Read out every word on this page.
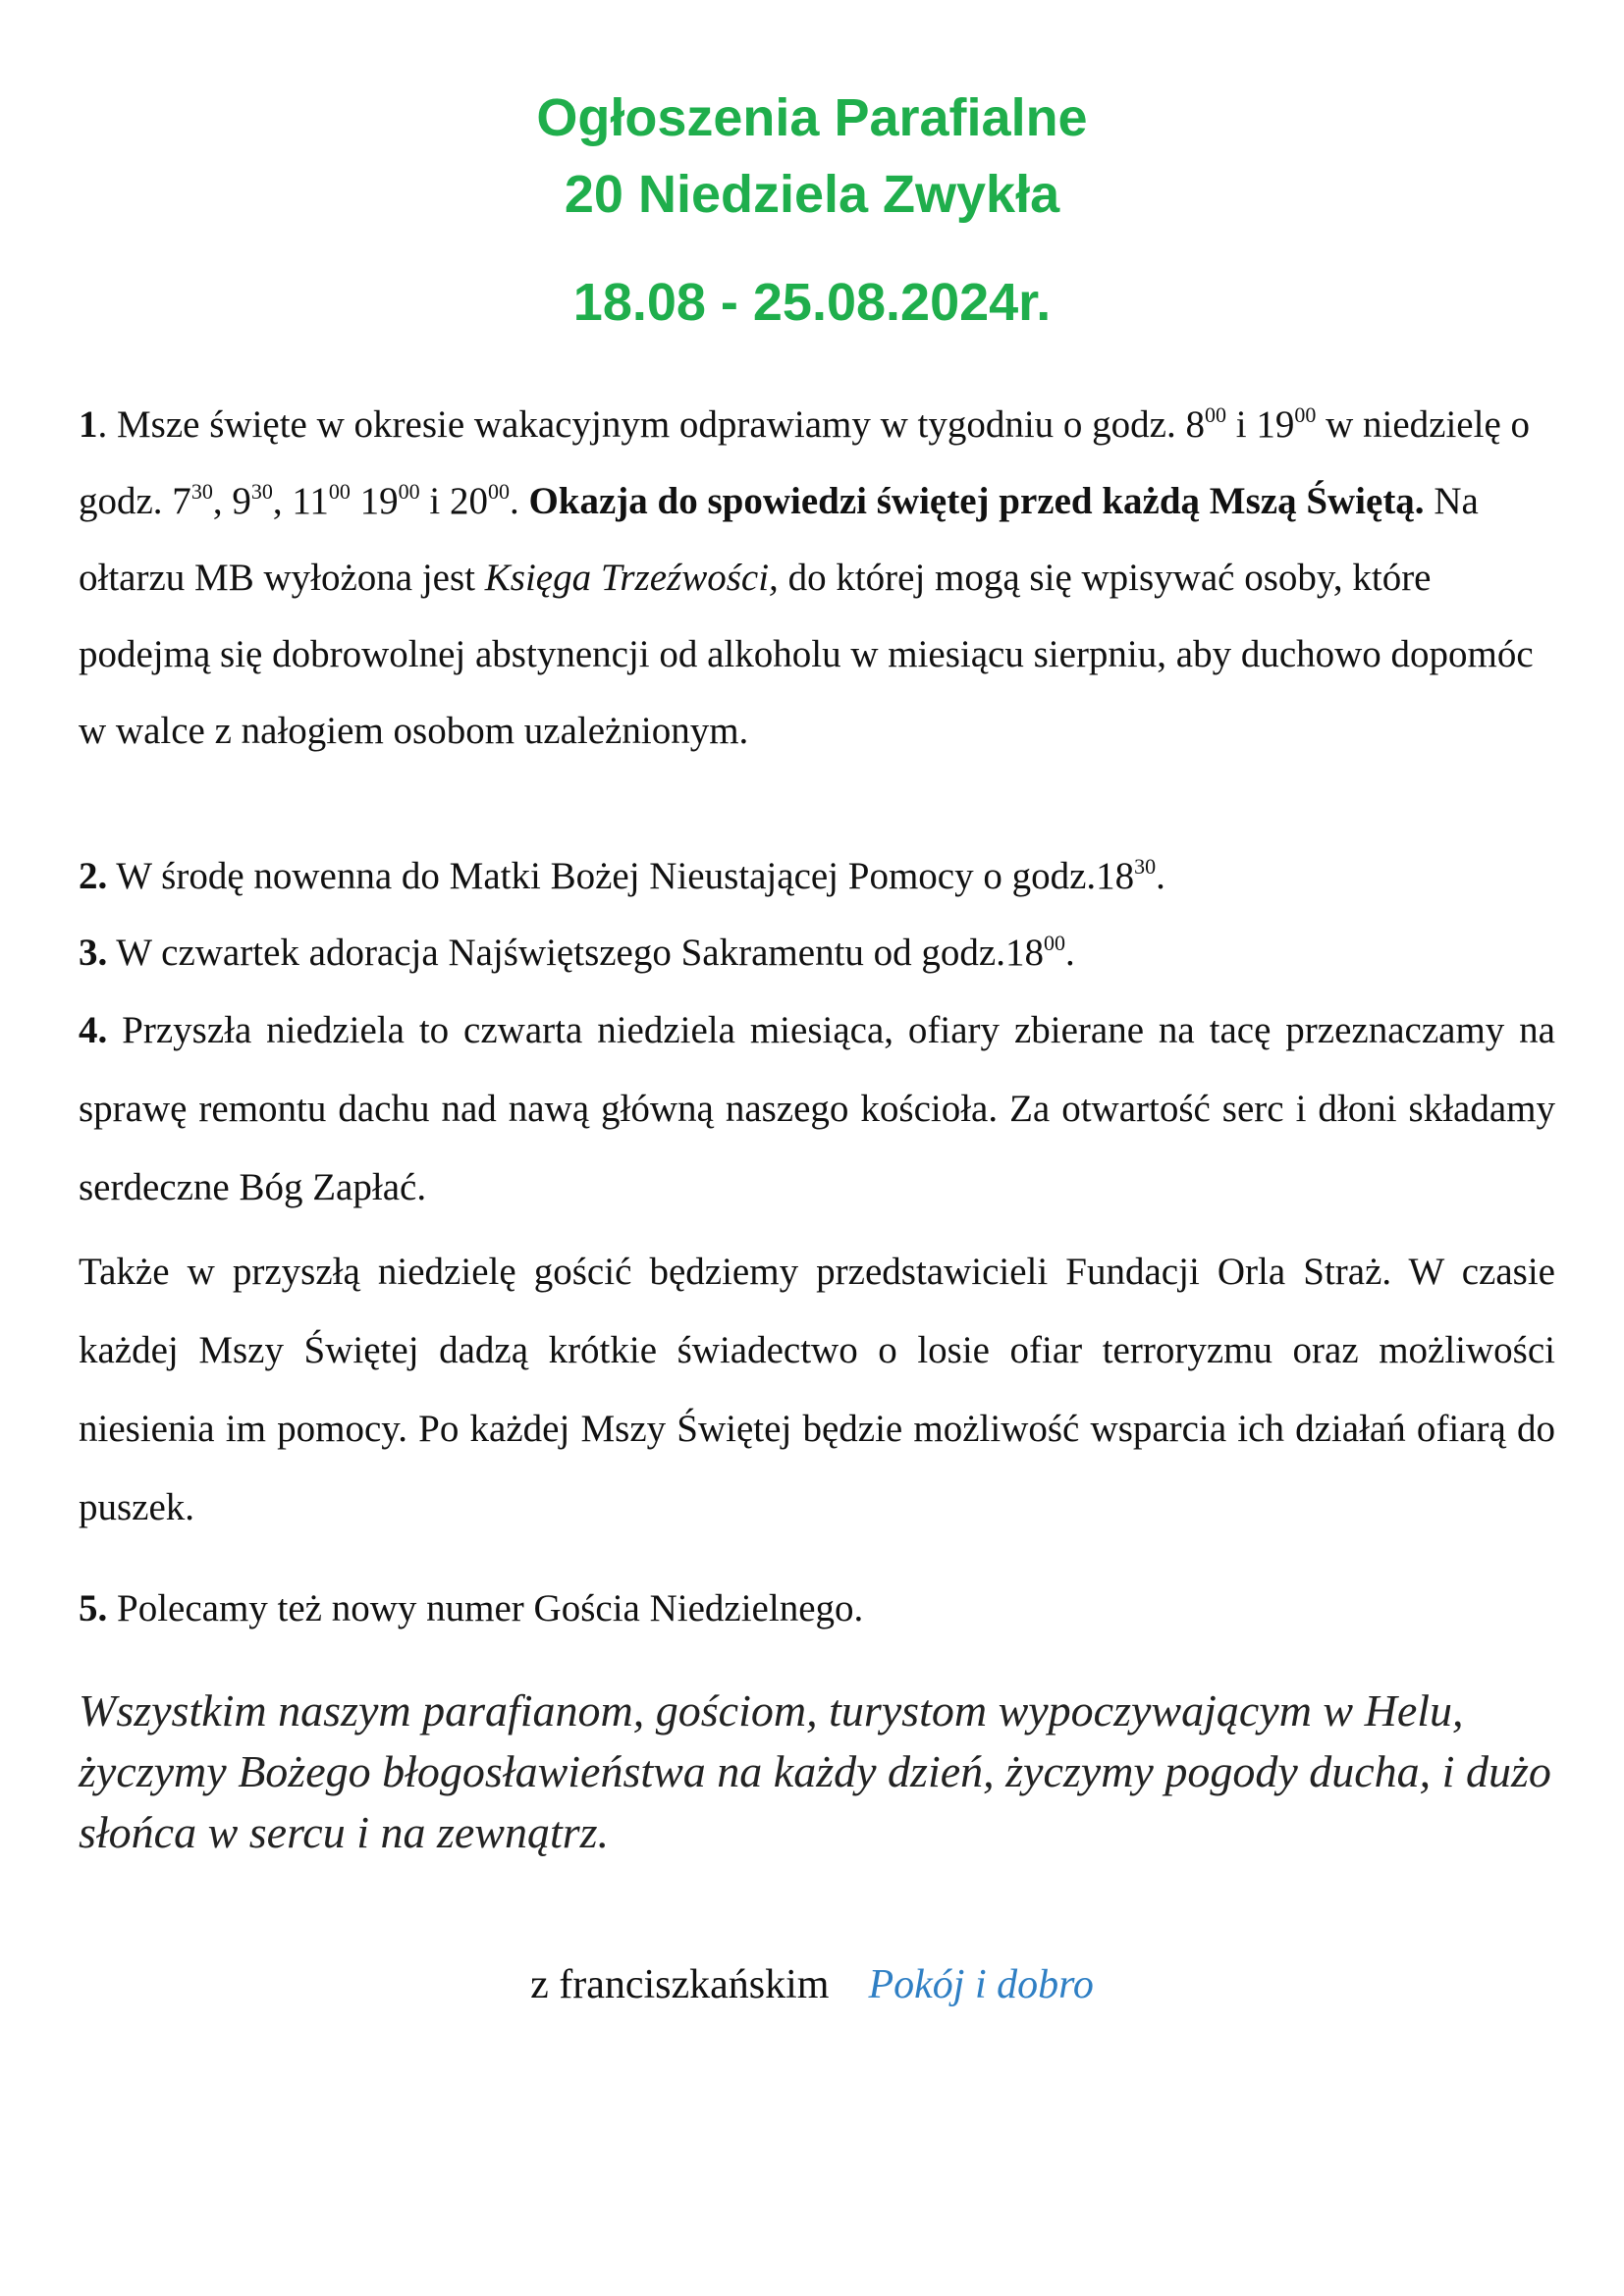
Ogłoszenia Parafialne
20 Niedziela Zwykła
18.08 - 25.08.2024r.

1. Msze święte w okresie wakacyjnym odprawiamy w tygodniu o godz. $8^{00}$ i $19^{00}$ w niedzielę o godz. $7^{30}$, $9^{30}$, $11^{00}$ $19^{00}$ i $20^{00}$. Okazja do spowiedzi świętej przed każdą Mszą Świętą. Na ołtarzu MB wyłożona jest Księga Trzeźwości, do której mogą się wpisywać osoby, które podejmą się dobrowolnej abstynencji od alkoholu w miesiącu sierpniu, aby duchowo dopomóc w walce z nałogiem osobom uzależnionym.

2. W środę nowenna do Matki Bożej Nieustającej Pomocy o $godz.18^{30}$.

3. W czwartek adoracja Najświętszego Sakramentu od $godz.18^{00}$.

4. Przyszła niedziela to czwarta niedziela miesiąca, ofiary zbierane na tacę przeznaczamy na sprawę remontu dachu nad nawą główną naszego kościoła. Za otwartość serc i dłoni składamy serdeczne Bóg Zapłać.

Także w przyszłą niedzielę gościć będziemy przedstawicieli Fundacji Orla Straż. W czasie każdej Mszy Świętej dadzą krótkie świadectwo o losie ofiar terroryzmu oraz możliwości niesienia im pomocy. Po każdej Mszy Świętej będzie możliwość wsparcia ich działań ofiarą do puszek.

5. Polecamy też nowy numer Gościa Niedzielnego.

Wszystkim naszym parafianom, gościom, turystom wypoczywającym w Helu, życzymy Bożego błogosławieństwa na każdy dzień, życzymy pogody ducha, i dużo słońca w sercu i na zewnątrz.
z franciszkańskim Pokój i dobro
